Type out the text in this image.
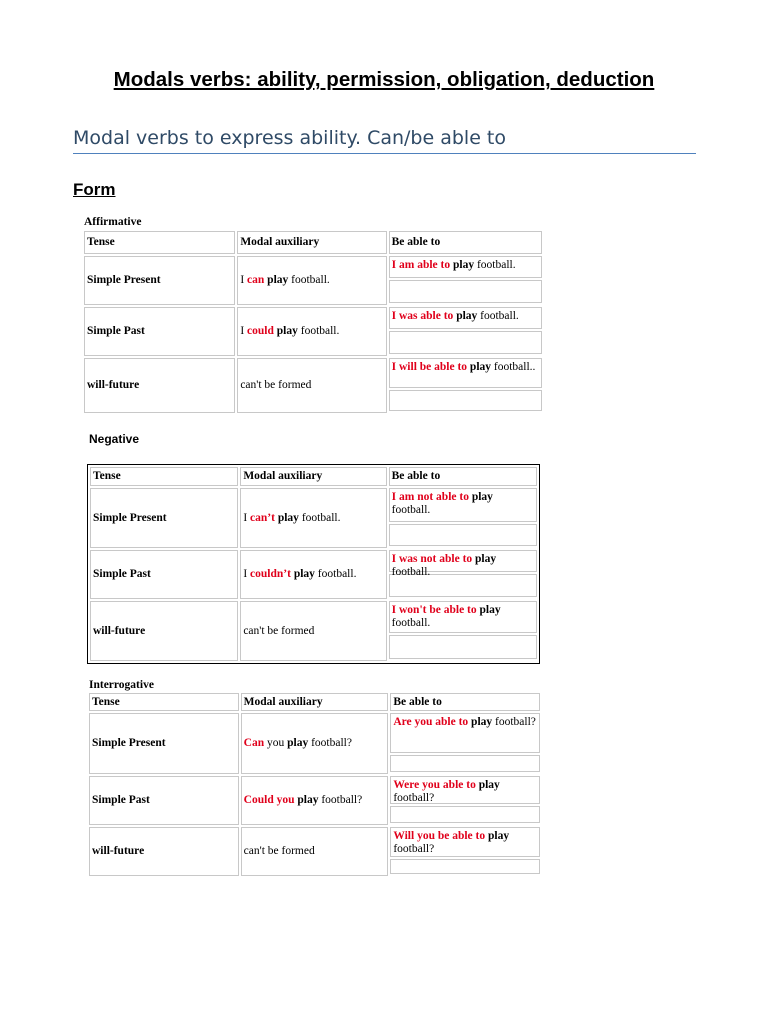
Modals verbs: ability, permission, obligation, deduction
Modal verbs to express ability. Can/be able to
Form
Affirmative
Tense	Modal auxiliary	Be able to
Simple Present	I can play football.	I am able to play football.

Simple Past	I could play football.	I was able to play football.

will-future	can't be formed	I will be able to play football..
Negative
Tense	Modal auxiliary	Be able to
Simple Present	I can’t play football.	I am not able to play football.

Simple Past	I couldn’t play football.	I was not able to play football.

will-future	can't be formed	I won't be able to play football.
Interrogative
Tense	Modal auxiliary	Be able to
Simple Present	Can you play football?	Are you able to play football?

Simple Past	Could you play football?	Were you able to play football?

will-future	can't be formed	Will you be able to play football?
